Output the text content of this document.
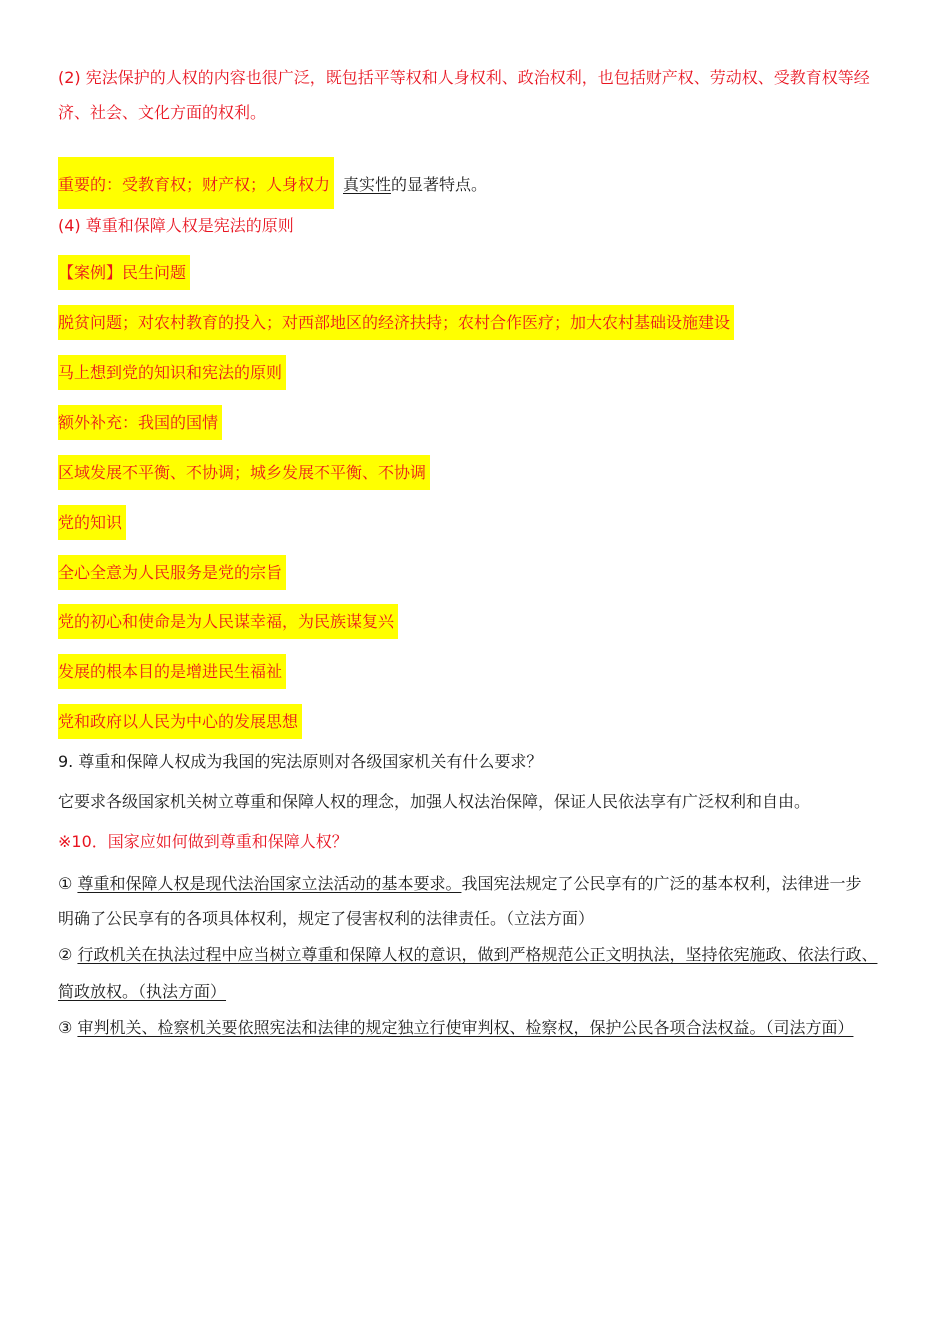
(2) 宪法保护的人权的内容也很广泛，既包括平等权和人身权利、政治权利，也包括财产权、劳动权、受教育权等经
济、社会、文化方面的权利。
真实性的显著特点。
重要的：受教育权；财产权；人身权力
(4) 尊重和保障人权是宪法的原则
【案例】民生问题
脱贫问题；对农村教育的投入；对西部地区的经济扶持；农村合作医疗；加大农村基础设施建设
马上想到党的知识和宪法的原则
额外补充：我国的国情
区域发展不平衡、不协调；城乡发展不平衡、不协调
党的知识
全心全意为人民服务是党的宗旨
党的初心和使命是为人民谋幸福，为民族谋复兴
发展的根本目的是增进民生福祉
党和政府以人民为中心的发展思想
9. 尊重和保障人权成为我国的宪法原则对各级国家机关有什么要求？
它要求各级国家机关树立尊重和保障人权的理念，加强人权法治保障，保证人民依法享有广泛权利和自由。
※10．国家应如何做到尊重和保障人权？
① 尊重和保障人权是现代法治国家立法活动的基本要求。我国宪法规定了公民享有的广泛的基本权利，法律进一步
明确了公民享有的各项具体权利，规定了侵害权利的法律责任。（立法方面）
② 行政机关在执法过程中应当树立尊重和保障人权的意识，做到严格规范公正文明执法，坚持依宪施政、依法行政、
简政放权。（执法方面）
③ 审判机关、检察机关要依照宪法和法律的规定独立行使审判权、检察权，保护公民各项合法权益。（司法方面）
